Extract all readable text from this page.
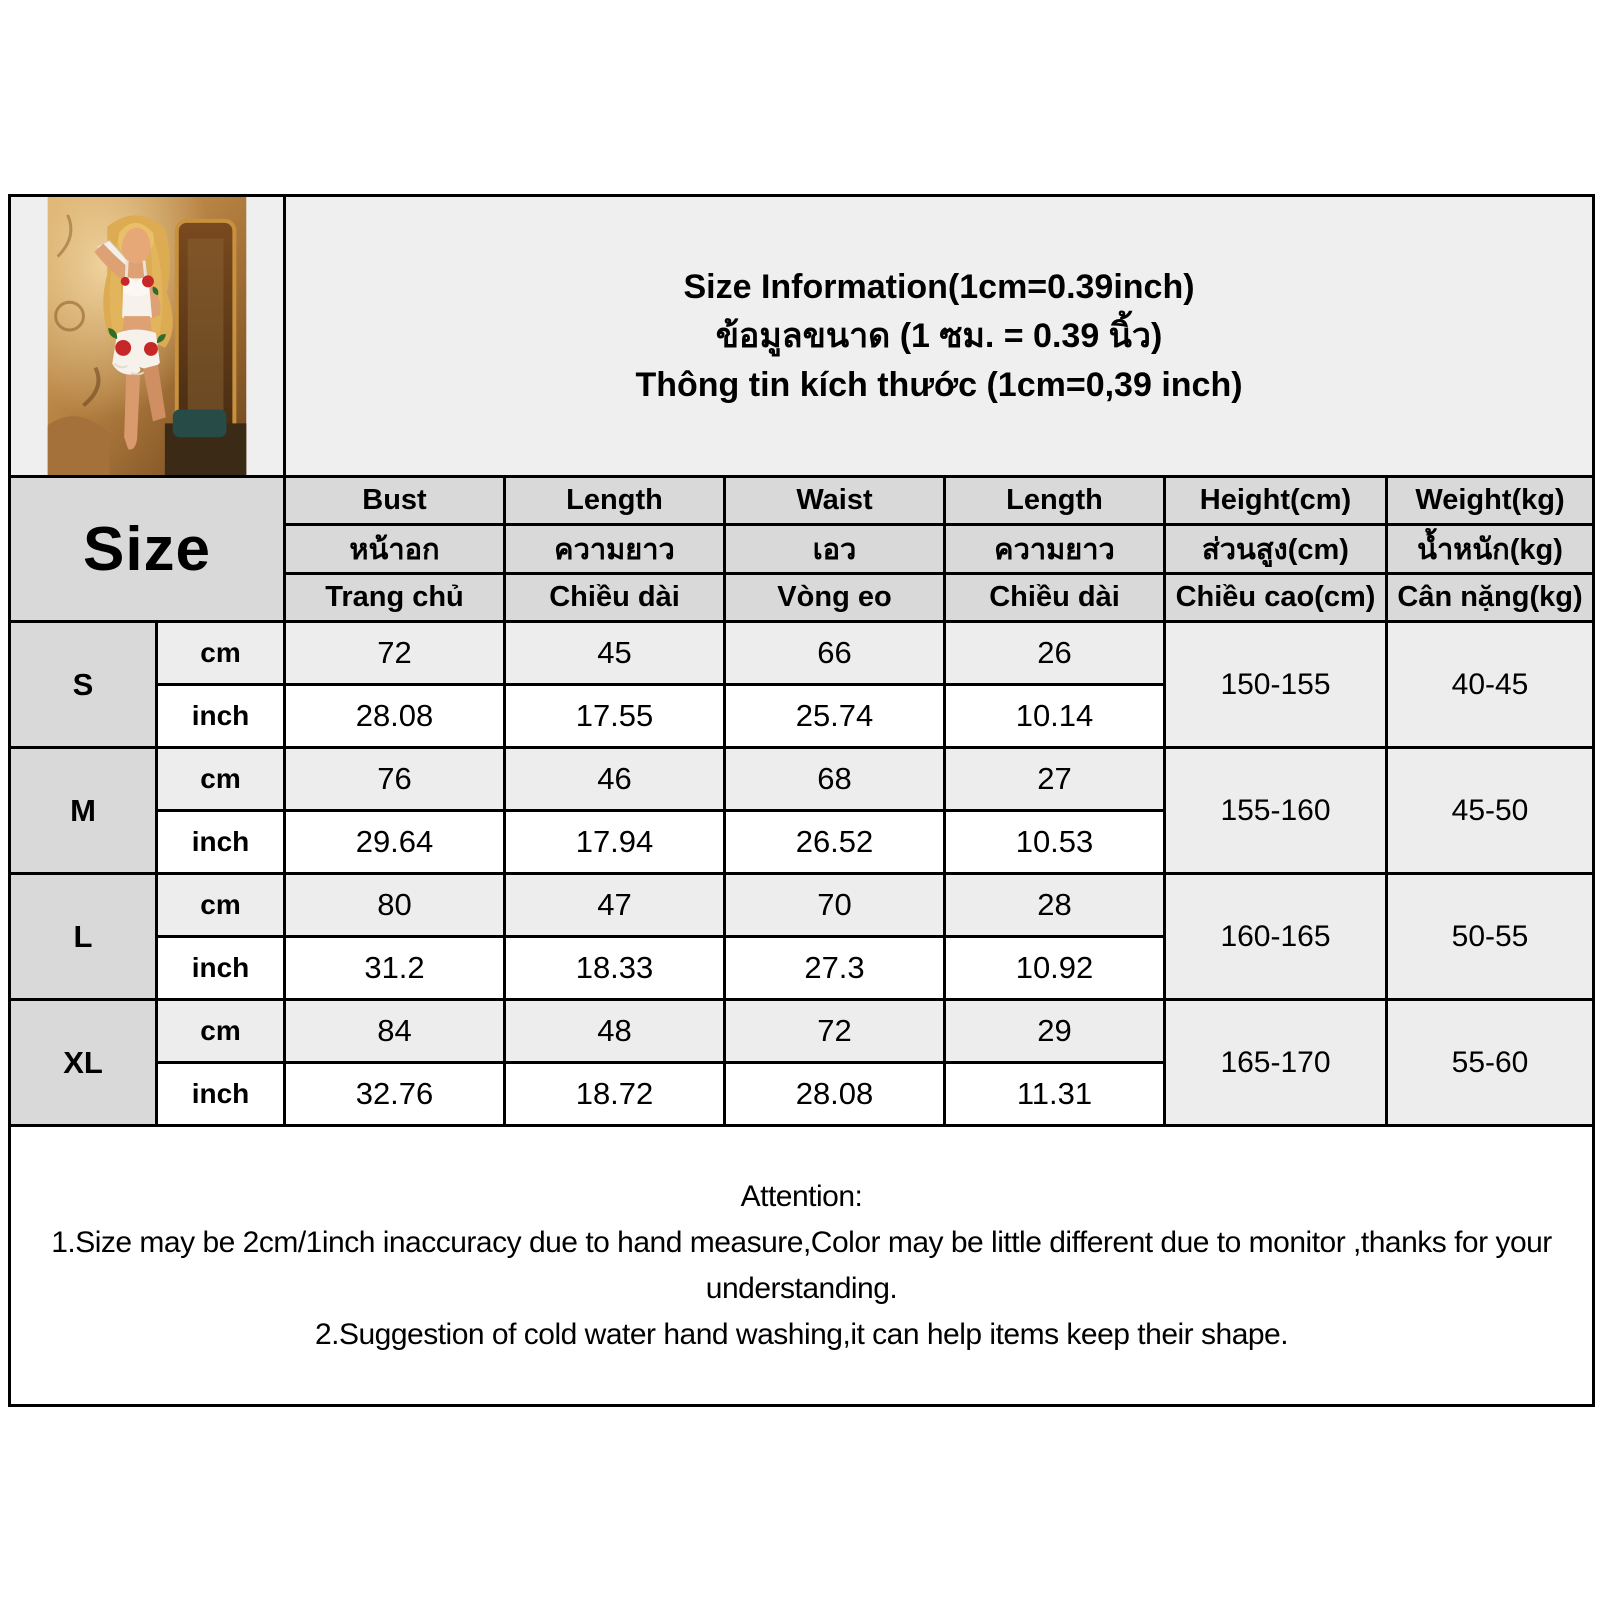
Size Information(1cm=0.39inch)
ข้อมูลขนาด (1 ซม. = 0.39 นิ้ว)
Thông tin kích thước (1cm=0,39 inch)					

Size		Bust	Length	Waist	Length	Height(cm)	Weight(kg)
		หน้าอก	ความยาว	เอว	ความยาว	ส่วนสูง(cm)	น้ำหนัก(kg)
		Trang chủ	Chiều dài	Vòng eo	Chiều dài	Chiều cao(cm)	Cân nặng(kg)
S	cm	72	45	66	26	150-155	40-45
	inch	28.08	17.55	25.74	10.14		
M	cm	76	46	68	27	155-160	45-50
	inch	29.64	17.94	26.52	10.53		
L	cm	80	47	70	28	160-165	50-55
	inch	31.2	18.33	27.3	10.92		
XL	cm	84	48	72	29	165-170	55-60
	inch	32.76	18.72	28.08	11.31		

Attention:
1.Size may be 2cm/1inch inaccuracy due to hand measure,Color may be little different due to monitor ,thanks for your understanding.
2.Suggestion of cold water hand washing,it can help items keep their shape.							
